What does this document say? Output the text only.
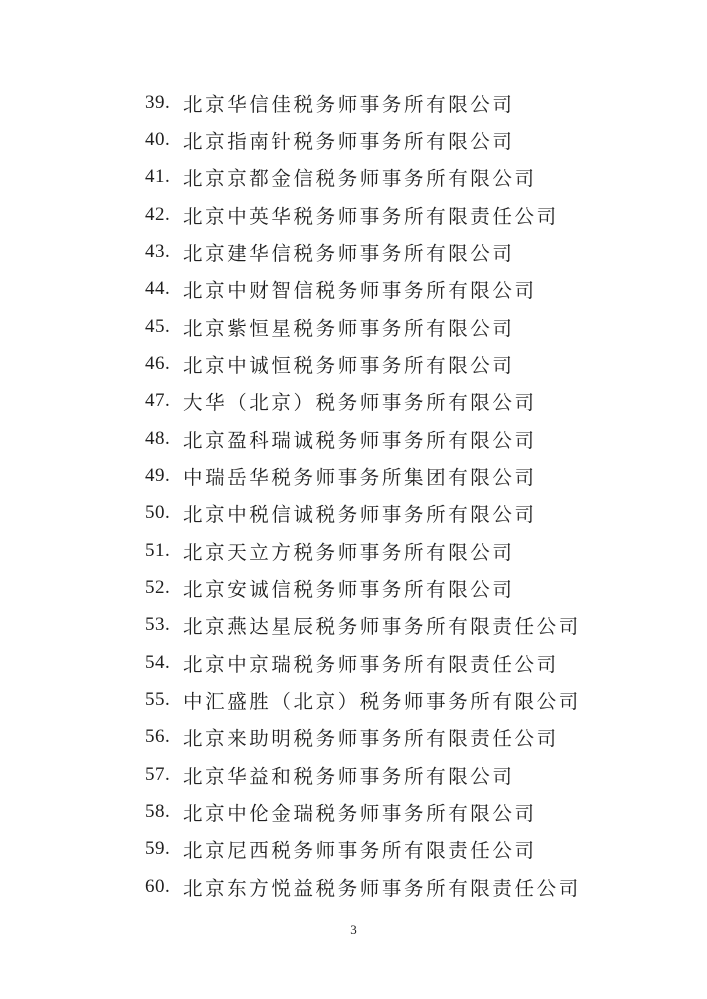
39. 北京华信佳税务师事务所有限公司
40. 北京指南针税务师事务所有限公司
41. 北京京都金信税务师事务所有限公司
42. 北京中英华税务师事务所有限责任公司
43. 北京建华信税务师事务所有限公司
44. 北京中财智信税务师事务所有限公司
45. 北京紫恒星税务师事务所有限公司
46. 北京中诚恒税务师事务所有限公司
47. 大华（北京）税务师事务所有限公司
48. 北京盈科瑞诚税务师事务所有限公司
49. 中瑞岳华税务师事务所集团有限公司
50. 北京中税信诚税务师事务所有限公司
51. 北京天立方税务师事务所有限公司
52. 北京安诚信税务师事务所有限公司
53. 北京燕达星辰税务师事务所有限责任公司
54. 北京中京瑞税务师事务所有限责任公司
55. 中汇盛胜（北京）税务师事务所有限公司
56. 北京来助明税务师事务所有限责任公司
57. 北京华益和税务师事务所有限公司
58. 北京中伦金瑞税务师事务所有限公司
59. 北京尼西税务师事务所有限责任公司
60. 北京东方悦益税务师事务所有限责任公司
3
